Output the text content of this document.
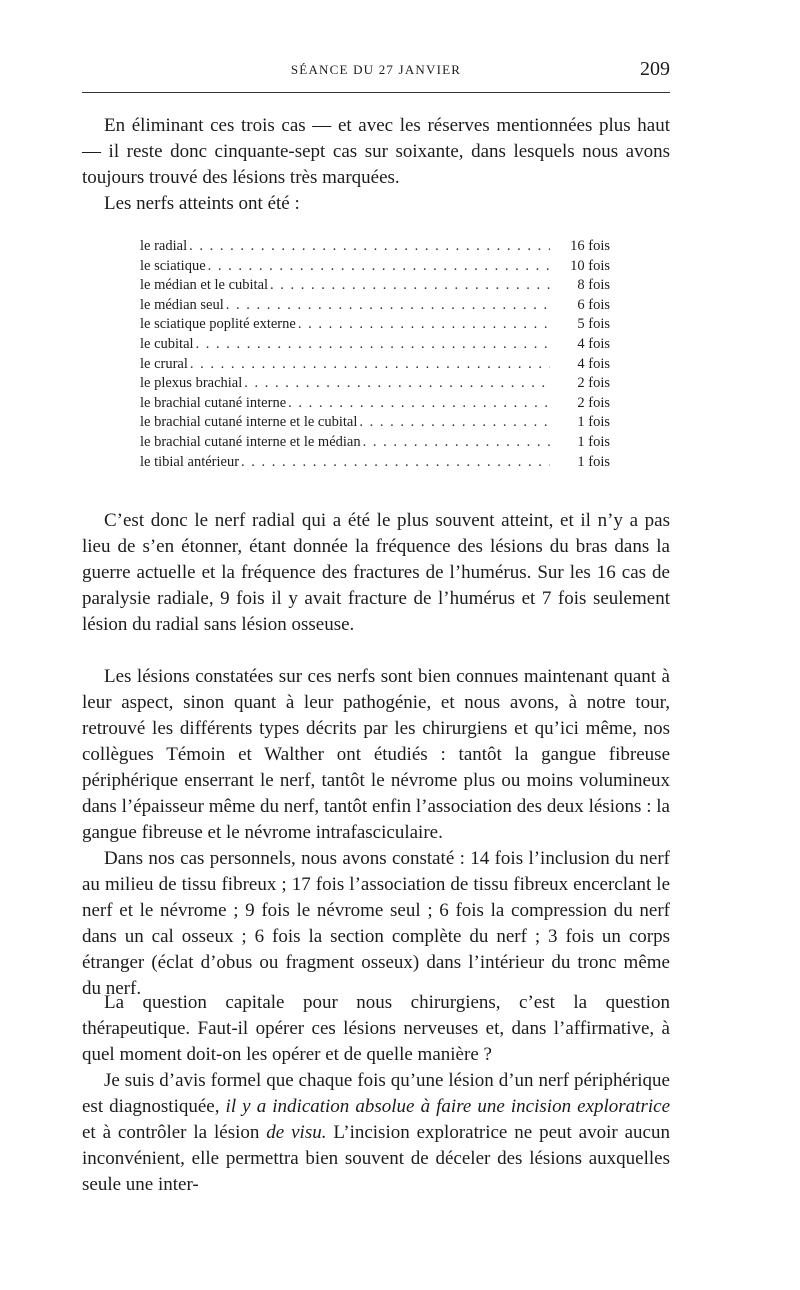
SÉANCE DU 27 JANVIER	209

En éliminant ces trois cas — et avec les réserves mentionnées plus haut — il reste donc cinquante-sept cas sur soixante, dans lesquels nous avons toujours trouvé des lésions très marquées.

Les nerfs atteints ont été :

le radial . . .	16 fois
le sciatique . . .	10 fois
le médian et le cubital . . .	8 fois
le médian seul . . .	6 fois
le sciatique poplité externe . . .	5 fois
le cubital . . .	4 fois
le crural . . .	4 fois
le plexus brachial . . .	2 fois
le brachial cutané interne . . .	2 fois
le brachial cutané interne et le cubital . . .	1 fois
le brachial cutané interne et le médian . . .	1 fois
le tibial antérieur . . .	1 fois

C’est donc le nerf radial qui a été le plus souvent atteint, et il n’y a pas lieu de s’en étonner, étant donnée la fréquence des lésions du bras dans la guerre actuelle et la fréquence des fractures de l’humérus. Sur les 16 cas de paralysie radiale, 9 fois il y avait fracture de l’humérus et 7 fois seulement lésion du radial sans lésion osseuse.

Les lésions constatées sur ces nerfs sont bien connues maintenant quant à leur aspect, sinon quant à leur pathogénie, et nous avons, à notre tour, retrouvé les différents types décrits par les chirurgiens et qu’ici même, nos collègues Témoin et Walther ont étudiés : tantôt la gangue fibreuse périphérique enserrant le nerf, tantôt le névrome plus ou moins volumineux dans l’épaisseur même du nerf, tantôt enfin l’association des deux lésions : la gangue fibreuse et le névrome intrafasciculaire.

Dans nos cas personnels, nous avons constaté : 14 fois l’inclusion du nerf au milieu de tissu fibreux ; 17 fois l’association de tissu fibreux encerclant le nerf et le névrome ; 9 fois le névrome seul ; 6 fois la compression du nerf dans un cal osseux ; 6 fois la section complète du nerf ; 3 fois un corps étranger (éclat d’obus ou fragment osseux) dans l’intérieur du tronc même du nerf.

La question capitale pour nous chirurgiens, c’est la question thérapeutique. Faut-il opérer ces lésions nerveuses et, dans l’affirmative, à quel moment doit-on les opérer et de quelle manière ?

Je suis d’avis formel que chaque fois qu’une lésion d’un nerf périphérique est diagnostiquée, il y a indication absolue à faire une incision exploratrice et à contrôler la lésion de visu. L’incision exploratrice ne peut avoir aucun inconvénient, elle permettra bien souvent de déceler des lésions auxquelles seule une inter-
